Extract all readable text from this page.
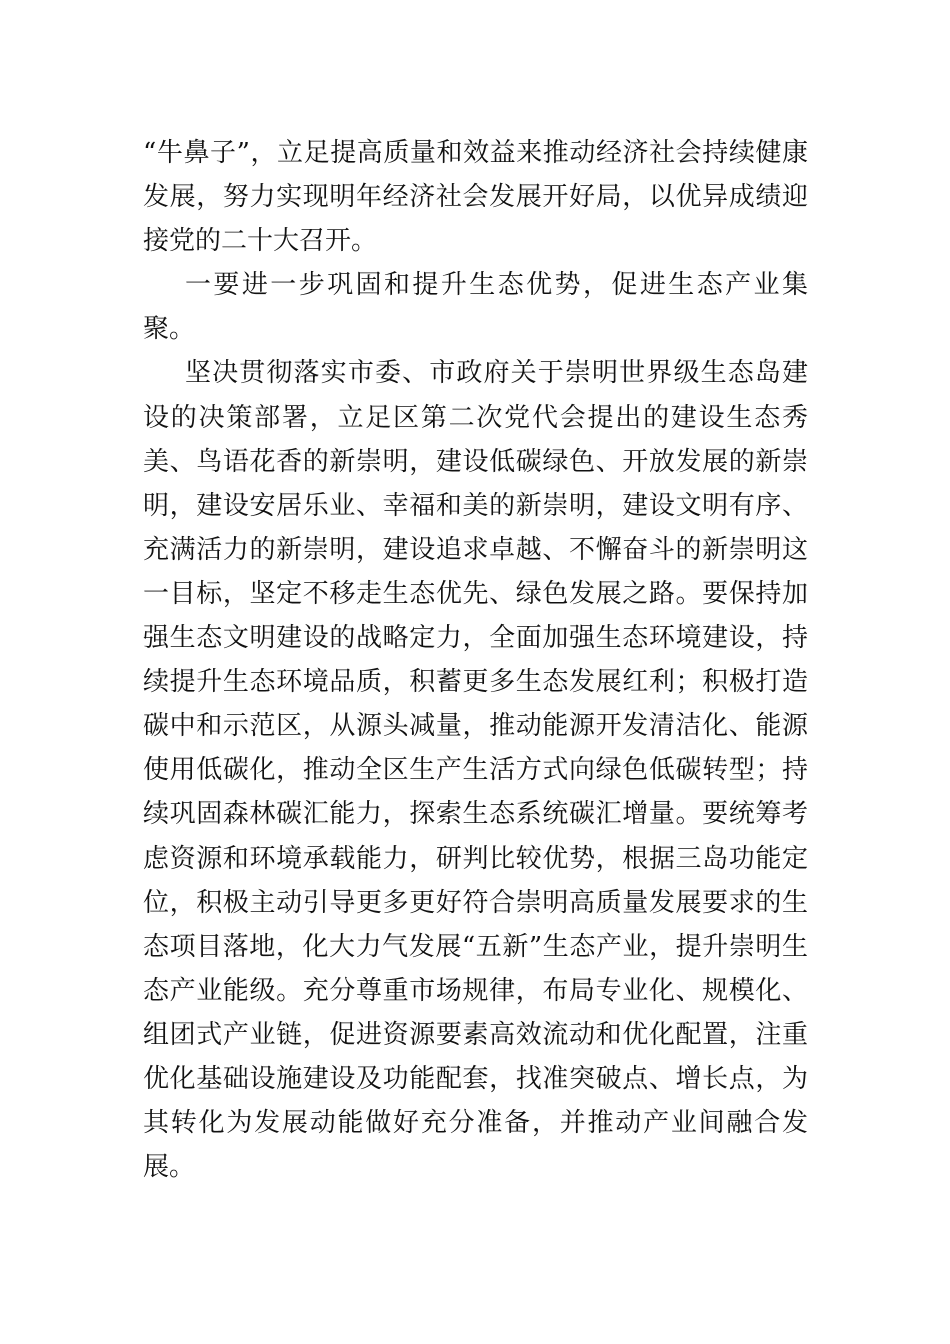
“牛鼻子”，立足提高质量和效益来推动经济社会持续健康发展，努力实现明年经济社会发展开好局，以优异成绩迎接党的二十大召开。

一要进一步巩固和提升生态优势，促进生态产业集聚。

坚决贯彻落实市委、市政府关于崇明世界级生态岛建设的决策部署，立足区第二次党代会提出的建设生态秀美、鸟语花香的新崇明，建设低碳绿色、开放发展的新崇明，建设安居乐业、幸福和美的新崇明，建设文明有序、充满活力的新崇明，建设追求卓越、不懈奋斗的新崇明这一目标，坚定不移走生态优先、绿色发展之路。要保持加强生态文明建设的战略定力，全面加强生态环境建设，持续提升生态环境品质，积蓄更多生态发展红利；积极打造碳中和示范区，从源头减量，推动能源开发清洁化、能源使用低碳化，推动全区生产生活方式向绿色低碳转型；持续巩固森林碳汇能力，探索生态系统碳汇增量。要统筹考虑资源和环境承载能力，研判比较优势，根据三岛功能定位，积极主动引导更多更好符合崇明高质量发展要求的生态项目落地，化大力气发展“五新”生态产业，提升崇明生态产业能级。充分尊重市场规律，布局专业化、规模化、组团式产业链，促进资源要素高效流动和优化配置，注重优化基础设施建设及功能配套，找准突破点、增长点，为其转化为发展动能做好充分准备，并推动产业间融合发展。
